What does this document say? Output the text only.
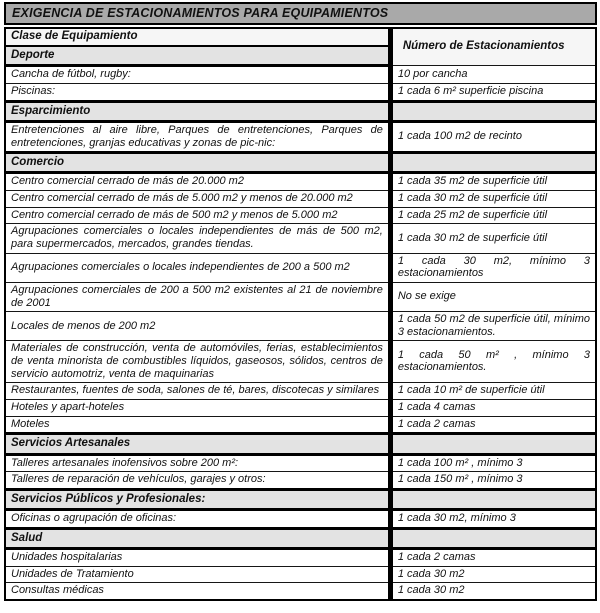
EXIGENCIA DE ESTACIONAMIENTOS PARA EQUIPAMIENTOS
Clase de Equipamiento	Número de Estacionamientos
Deporte	
Cancha de fútbol, rugby:	10 por cancha
Piscinas:	1 cada 6 m² superficie piscina
Esparcimiento	
Entretenciones al aire libre, Parques de entretenciones, Parques de entretenciones, granjas educativas y zonas de pic-nic:	1 cada 100 m2 de recinto
Comercio	
Centro comercial cerrado de más de 20.000 m2	1 cada 35 m2 de superficie útil
Centro comercial cerrado de más de 5.000 m2 y menos de 20.000 m2	1 cada 30 m2 de superficie útil
Centro comercial cerrado de más de 500 m2 y menos de 5.000 m2	1 cada 25 m2 de superficie útil
Agrupaciones comerciales o locales independientes de más de 500 m2, para supermercados, mercados, grandes tiendas.	1 cada 30 m2 de superficie útil
Agrupaciones comerciales o locales independientes de 200 a 500 m2	1 cada 30 m2, mínimo 3 estacionamientos
Agrupaciones comerciales de 200 a 500 m2 existentes al 21 de noviembre de 2001	No se exige
Locales de menos de 200 m2	1 cada 50 m2 de superficie útil, mínimo 3 estacionamientos.
Materiales de construcción, venta de automóviles, ferias, establecimientos de venta minorista de combustibles líquidos, gaseosos, sólidos, centros de servicio automotriz, venta de maquinarias	1 cada 50 m² , mínimo 3 estacionamientos.
Restaurantes, fuentes de soda, salones de té, bares, discotecas y similares	1 cada 10 m² de superficie útil
Hoteles y apart-hoteles	1 cada 4 camas
Moteles	1 cada 2 camas
Servicios Artesanales	
Talleres artesanales inofensivos sobre 200 m²:	1 cada 100 m² , mínimo 3
Talleres de reparación de vehículos, garajes y otros:	1 cada 150 m² , mínimo 3
Servicios Públicos y Profesionales:	
Oficinas o agrupación de oficinas:	1 cada 30 m2, mínimo 3
Salud	
Unidades hospitalarias	1 cada 2 camas
Unidades de Tratamiento	1 cada 30 m2
Consultas médicas	1 cada 30 m2
